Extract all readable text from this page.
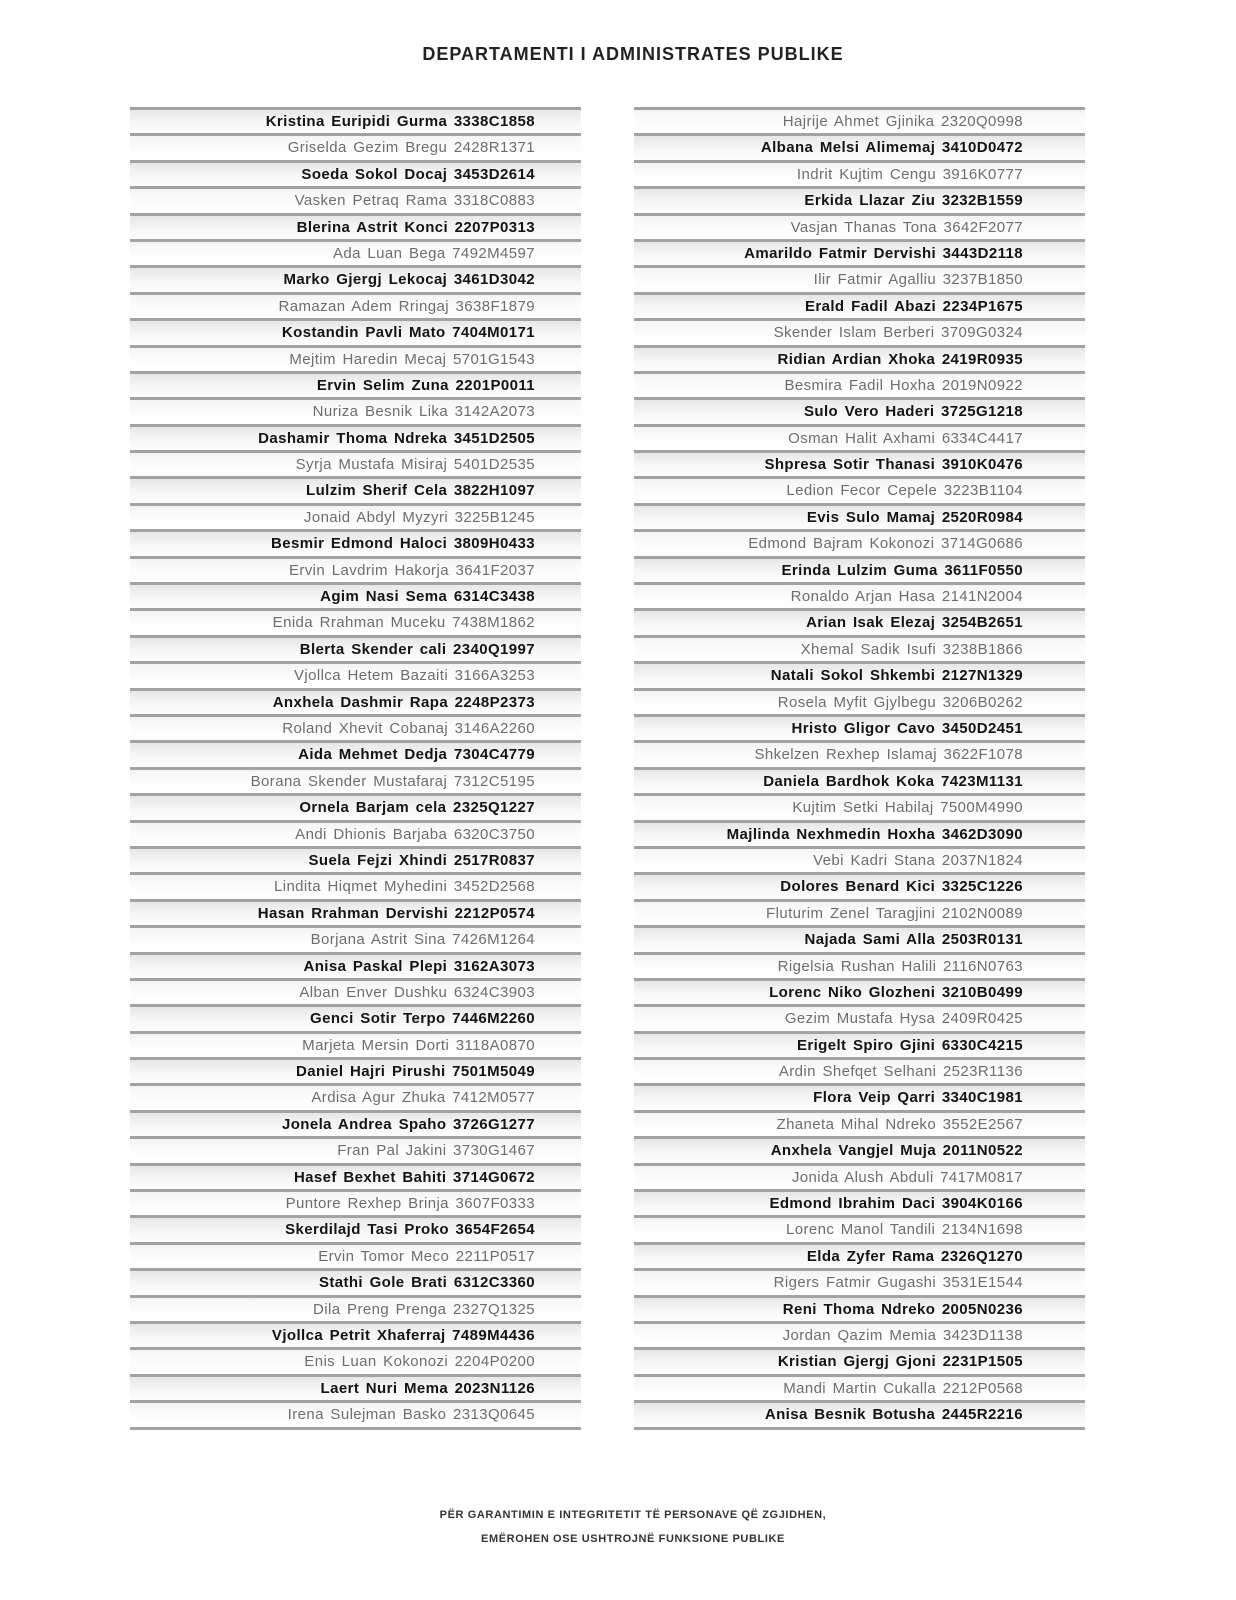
DEPARTAMENTI I ADMINISTRATES PUBLIKE
Kristina Euripidi Gurma 3338C1858
Griselda Gezim Bregu 2428R1371
Soeda Sokol Docaj 3453D2614
Vasken Petraq Rama 3318C0883
Blerina Astrit Konci 2207P0313
Ada Luan Bega 7492M4597
Marko Gjergj Lekocaj 3461D3042
Ramazan Adem Rringaj 3638F1879
Kostandin Pavli Mato 7404M0171
Mejtim Haredin Mecaj 5701G1543
Ervin Selim Zuna 2201P0011
Nuriza Besnik Lika 3142A2073
Dashamir Thoma Ndreka 3451D2505
Syrja Mustafa Misiraj 5401D2535
Lulzim Sherif Cela 3822H1097
Jonaid Abdyl Myzyri 3225B1245
Besmir Edmond Haloci 3809H0433
Ervin Lavdrim Hakorja 3641F2037
Agim Nasi Sema 6314C3438
Enida Rrahman Muceku 7438M1862
Blerta Skender cali 2340Q1997
Vjollca Hetem Bazaiti 3166A3253
Anxhela Dashmir Rapa 2248P2373
Roland Xhevit Cobanaj 3146A2260
Aida Mehmet Dedja 7304C4779
Borana Skender Mustafaraj 7312C5195
Ornela Barjam cela 2325Q1227
Andi Dhionis Barjaba 6320C3750
Suela Fejzi Xhindi 2517R0837
Lindita Hiqmet Myhedini 3452D2568
Hasan Rrahman Dervishi 2212P0574
Borjana Astrit Sina 7426M1264
Anisa Paskal Plepi 3162A3073
Alban Enver Dushku 6324C3903
Genci Sotir Terpo 7446M2260
Marjeta Mersin Dorti 3118A0870
Daniel Hajri Pirushi 7501M5049
Ardisa Agur Zhuka 7412M0577
Jonela Andrea Spaho 3726G1277
Fran Pal Jakini 3730G1467
Hasef Bexhet Bahiti 3714G0672
Puntore Rexhep Brinja 3607F0333
Skerdilajd Tasi Proko 3654F2654
Ervin Tomor Meco 2211P0517
Stathi Gole Brati 6312C3360
Dila Preng Prenga 2327Q1325
Vjollca Petrit Xhaferraj 7489M4436
Enis Luan Kokonozi 2204P0200
Laert Nuri Mema 2023N1126
Irena Sulejman Basko 2313Q0645
Hajrije Ahmet Gjinika 2320Q0998
Albana Melsi Alimemaj 3410D0472
Indrit Kujtim Cengu 3916K0777
Erkida Llazar Ziu 3232B1559
Vasjan Thanas Tona 3642F2077
Amarildo Fatmir Dervishi 3443D2118
Ilir Fatmir Agalliu 3237B1850
Erald Fadil Abazi 2234P1675
Skender Islam Berberi 3709G0324
Ridian Ardian Xhoka 2419R0935
Besmira Fadil Hoxha 2019N0922
Sulo Vero Haderi 3725G1218
Osman Halit Axhami 6334C4417
Shpresa Sotir Thanasi 3910K0476
Ledion Fecor Cepele 3223B1104
Evis Sulo Mamaj 2520R0984
Edmond Bajram Kokonozi 3714G0686
Erinda Lulzim Guma 3611F0550
Ronaldo Arjan Hasa 2141N2004
Arian Isak Elezaj 3254B2651
Xhemal Sadik Isufi 3238B1866
Natali Sokol Shkembi 2127N1329
Rosela Myfit Gjylbegu 3206B0262
Hristo Gligor Cavo 3450D2451
Shkelzen Rexhep Islamaj 3622F1078
Daniela Bardhok Koka 7423M1131
Kujtim Setki Habilaj 7500M4990
Majlinda Nexhmedin Hoxha 3462D3090
Vebi Kadri Stana 2037N1824
Dolores Benard Kici 3325C1226
Fluturim Zenel Taragjini 2102N0089
Najada Sami Alla 2503R0131
Rigelsia Rushan Halili 2116N0763
Lorenc Niko Glozheni 3210B0499
Gezim Mustafa Hysa 2409R0425
Erigelt Spiro Gjini 6330C4215
Ardin Shefqet Selhani 2523R1136
Flora Veip Qarri 3340C1981
Zhaneta Mihal Ndreko 3552E2567
Anxhela Vangjel Muja 2011N0522
Jonida Alush Abduli 7417M0817
Edmond Ibrahim Daci 3904K0166
Lorenc Manol Tandili 2134N1698
Elda Zyfer Rama 2326Q1270
Rigers Fatmir Gugashi 3531E1544
Reni Thoma Ndreko 2005N0236
Jordan Qazim Memia 3423D1138
Kristian Gjergj Gjoni 2231P1505
Mandi Martin Cukalla 2212P0568
Anisa Besnik Botusha 2445R2216
PËR GARANTIMIN E INTEGRITETIT TË PERSONAVE QË ZGJIDHEN,
EMËROHEN OSE USHTROJNË FUNKSIONE PUBLIKE
